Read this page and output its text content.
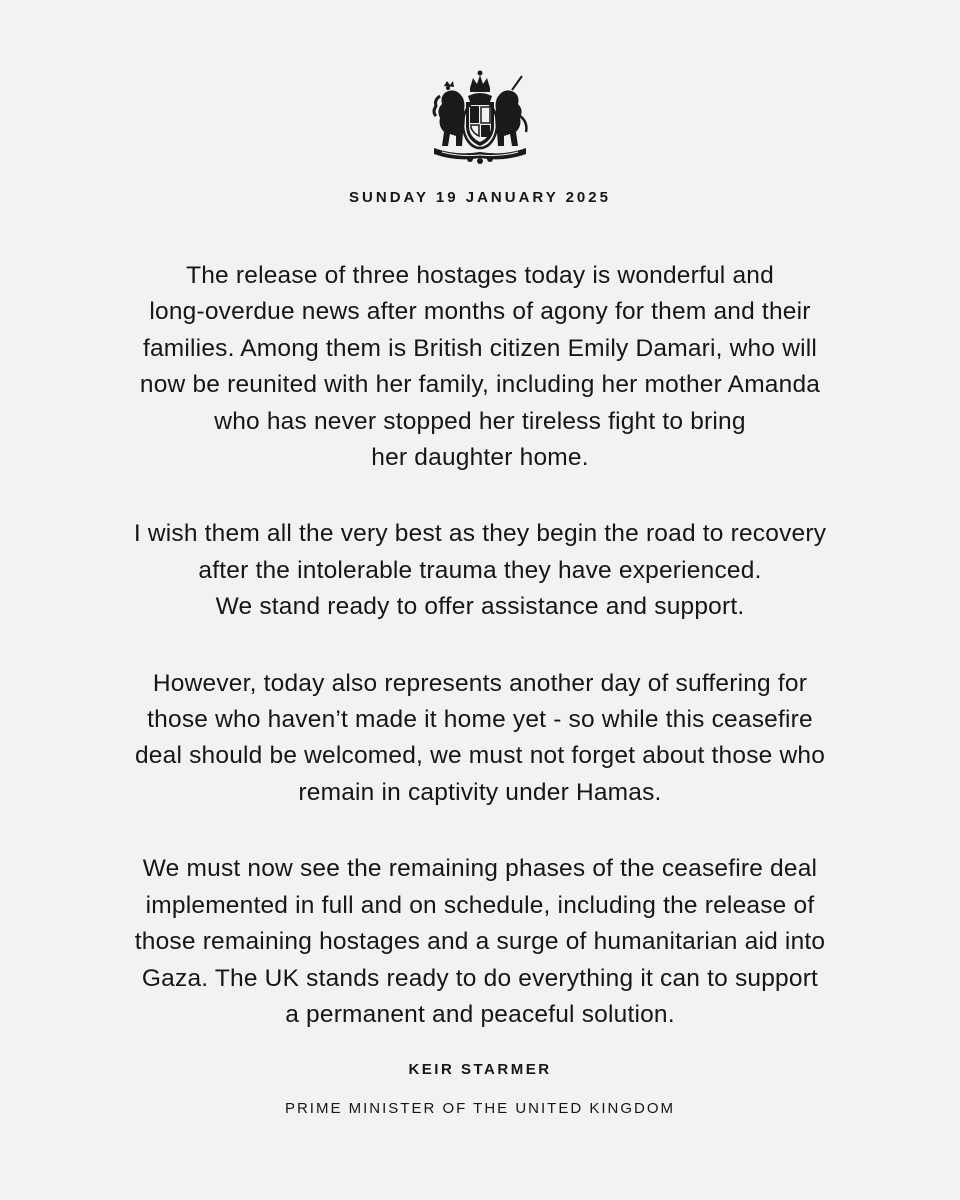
SUNDAY 19 JANUARY 2025
The release of three hostages today is wonderful and
long-overdue news after months of agony for them and their
families. Among them is British citizen Emily Damari, who will
now be reunited with her family, including her mother Amanda
who has never stopped her tireless fight to bring
her daughter home.
I wish them all the very best as they begin the road to recovery
after the intolerable trauma they have experienced.
We stand ready to offer assistance and support.
However, today also represents another day of suffering for
those who haven’t made it home yet - so while this ceasefire
deal should be welcomed, we must not forget about those who
remain in captivity under Hamas.
We must now see the remaining phases of the ceasefire deal
implemented in full and on schedule, including the release of
those remaining hostages and a surge of humanitarian aid into
Gaza. The UK stands ready to do everything it can to support
a permanent and peaceful solution.
KEIR STARMER
PRIME MINISTER OF THE UNITED KINGDOM
